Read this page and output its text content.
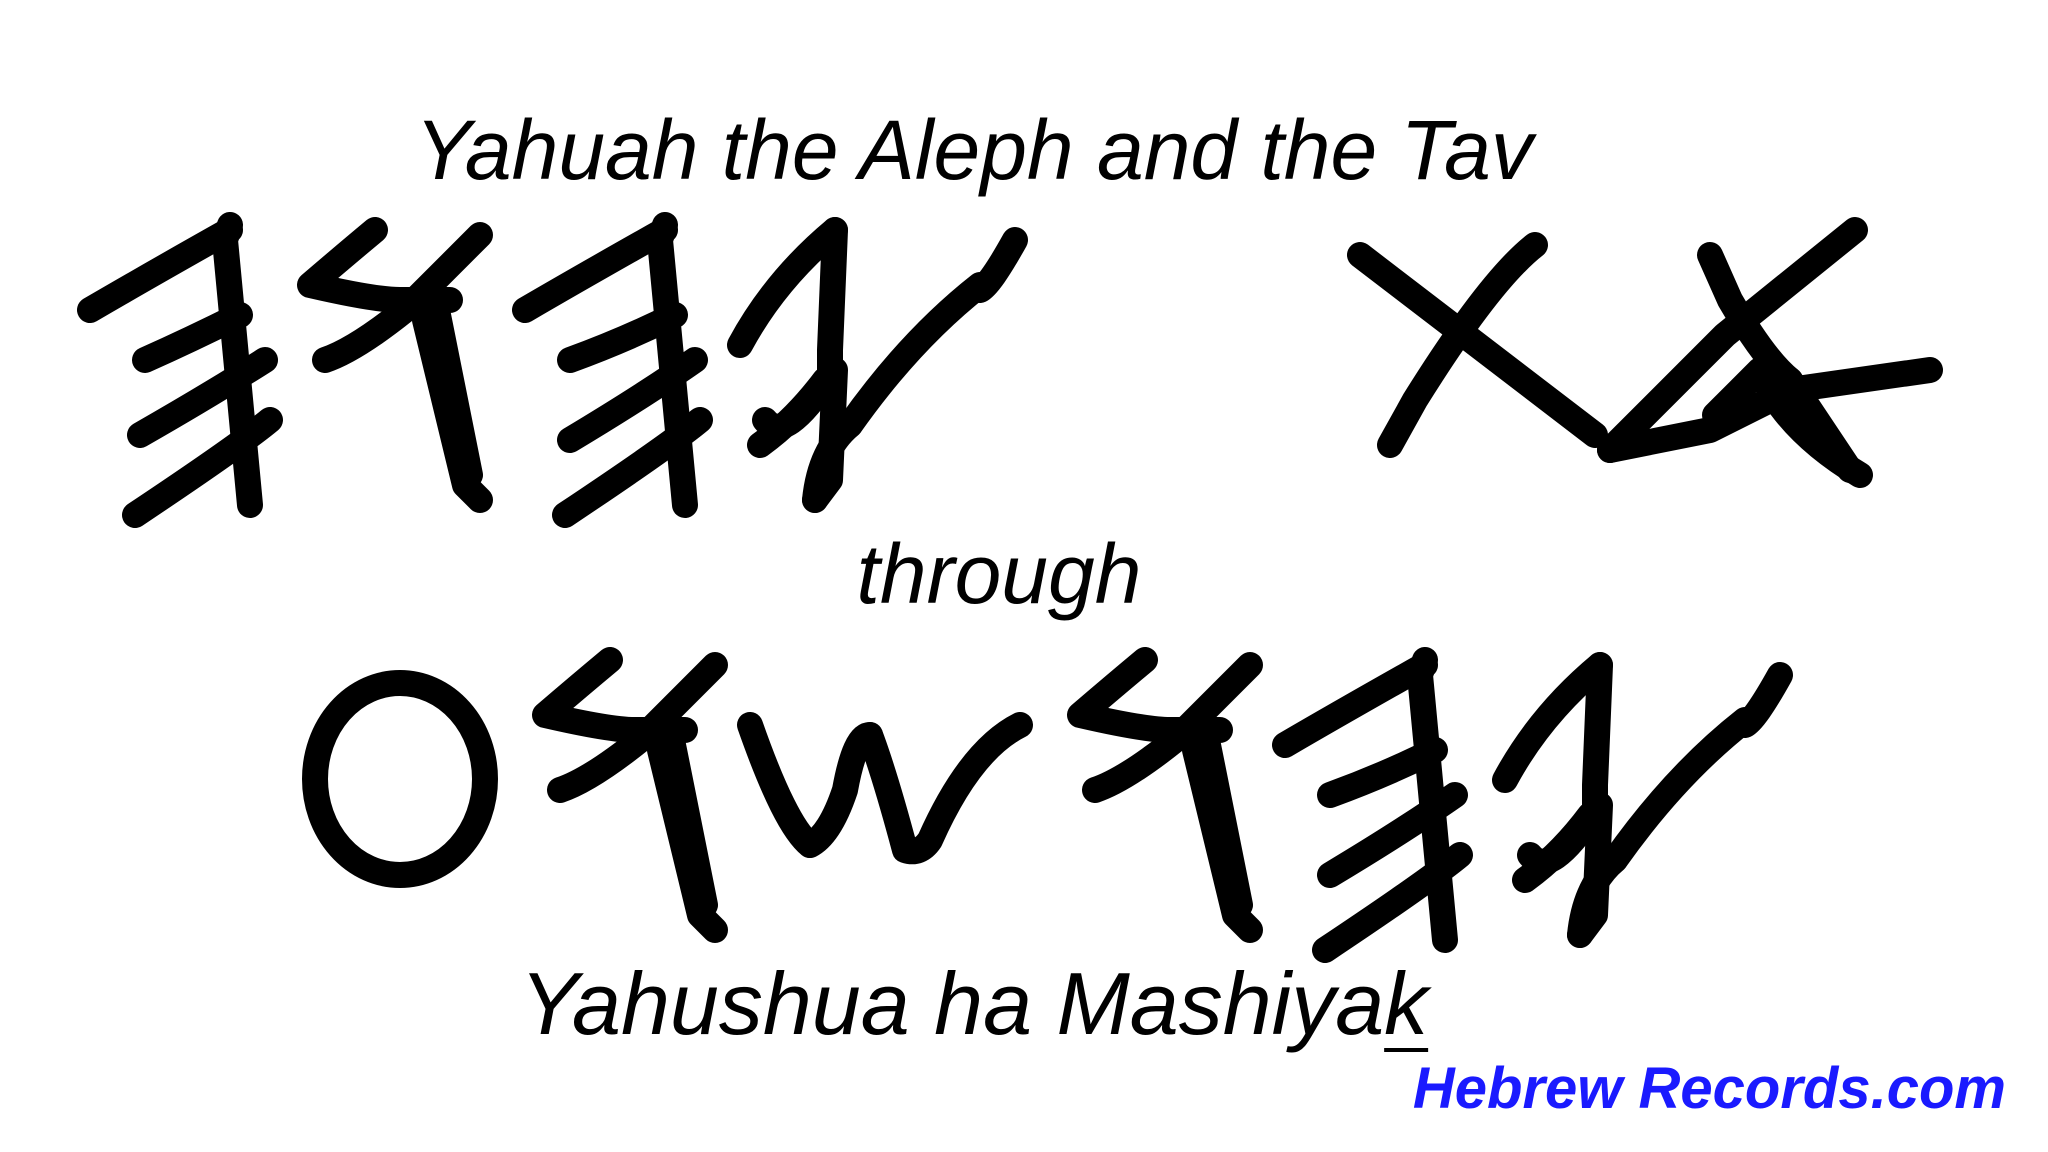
Yahuah the Aleph and the Tav
through
Yahushua ha Mashiyak
Hebrew Records.com
